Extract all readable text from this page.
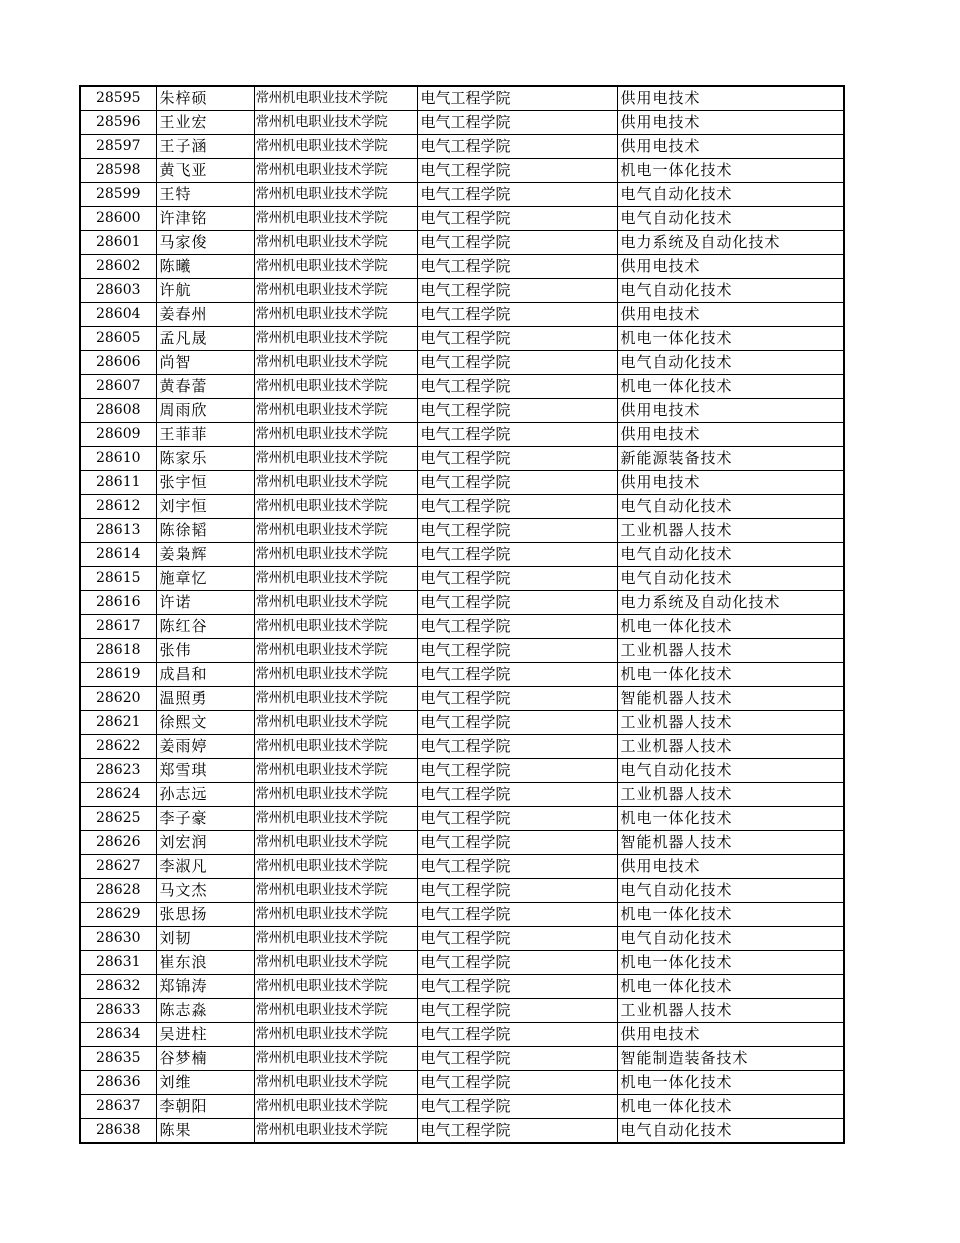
28595	朱梓硕	常州机电职业技术学院	电气工程学院	供用电技术
28596	王业宏	常州机电职业技术学院	电气工程学院	供用电技术
28597	王子涵	常州机电职业技术学院	电气工程学院	供用电技术
28598	黄飞亚	常州机电职业技术学院	电气工程学院	机电一体化技术
28599	王特	常州机电职业技术学院	电气工程学院	电气自动化技术
28600	许津铭	常州机电职业技术学院	电气工程学院	电气自动化技术
28601	马家俊	常州机电职业技术学院	电气工程学院	电力系统及自动化技术
28602	陈曦	常州机电职业技术学院	电气工程学院	供用电技术
28603	许航	常州机电职业技术学院	电气工程学院	电气自动化技术
28604	姜春州	常州机电职业技术学院	电气工程学院	供用电技术
28605	孟凡晟	常州机电职业技术学院	电气工程学院	机电一体化技术
28606	尚智	常州机电职业技术学院	电气工程学院	电气自动化技术
28607	黄春蕾	常州机电职业技术学院	电气工程学院	机电一体化技术
28608	周雨欣	常州机电职业技术学院	电气工程学院	供用电技术
28609	王菲菲	常州机电职业技术学院	电气工程学院	供用电技术
28610	陈家乐	常州机电职业技术学院	电气工程学院	新能源装备技术
28611	张宇恒	常州机电职业技术学院	电气工程学院	供用电技术
28612	刘宇恒	常州机电职业技术学院	电气工程学院	电气自动化技术
28613	陈徐韬	常州机电职业技术学院	电气工程学院	工业机器人技术
28614	姜枭辉	常州机电职业技术学院	电气工程学院	电气自动化技术
28615	施章忆	常州机电职业技术学院	电气工程学院	电气自动化技术
28616	许诺	常州机电职业技术学院	电气工程学院	电力系统及自动化技术
28617	陈红谷	常州机电职业技术学院	电气工程学院	机电一体化技术
28618	张伟	常州机电职业技术学院	电气工程学院	工业机器人技术
28619	成昌和	常州机电职业技术学院	电气工程学院	机电一体化技术
28620	温照勇	常州机电职业技术学院	电气工程学院	智能机器人技术
28621	徐熙文	常州机电职业技术学院	电气工程学院	工业机器人技术
28622	姜雨婷	常州机电职业技术学院	电气工程学院	工业机器人技术
28623	郑雪琪	常州机电职业技术学院	电气工程学院	电气自动化技术
28624	孙志远	常州机电职业技术学院	电气工程学院	工业机器人技术
28625	李子豪	常州机电职业技术学院	电气工程学院	机电一体化技术
28626	刘宏润	常州机电职业技术学院	电气工程学院	智能机器人技术
28627	李淑凡	常州机电职业技术学院	电气工程学院	供用电技术
28628	马文杰	常州机电职业技术学院	电气工程学院	电气自动化技术
28629	张思扬	常州机电职业技术学院	电气工程学院	机电一体化技术
28630	刘韧	常州机电职业技术学院	电气工程学院	电气自动化技术
28631	崔东浪	常州机电职业技术学院	电气工程学院	机电一体化技术
28632	郑锦涛	常州机电职业技术学院	电气工程学院	机电一体化技术
28633	陈志淼	常州机电职业技术学院	电气工程学院	工业机器人技术
28634	吴进柱	常州机电职业技术学院	电气工程学院	供用电技术
28635	谷梦楠	常州机电职业技术学院	电气工程学院	智能制造装备技术
28636	刘维	常州机电职业技术学院	电气工程学院	机电一体化技术
28637	李朝阳	常州机电职业技术学院	电气工程学院	机电一体化技术
28638	陈果	常州机电职业技术学院	电气工程学院	电气自动化技术
